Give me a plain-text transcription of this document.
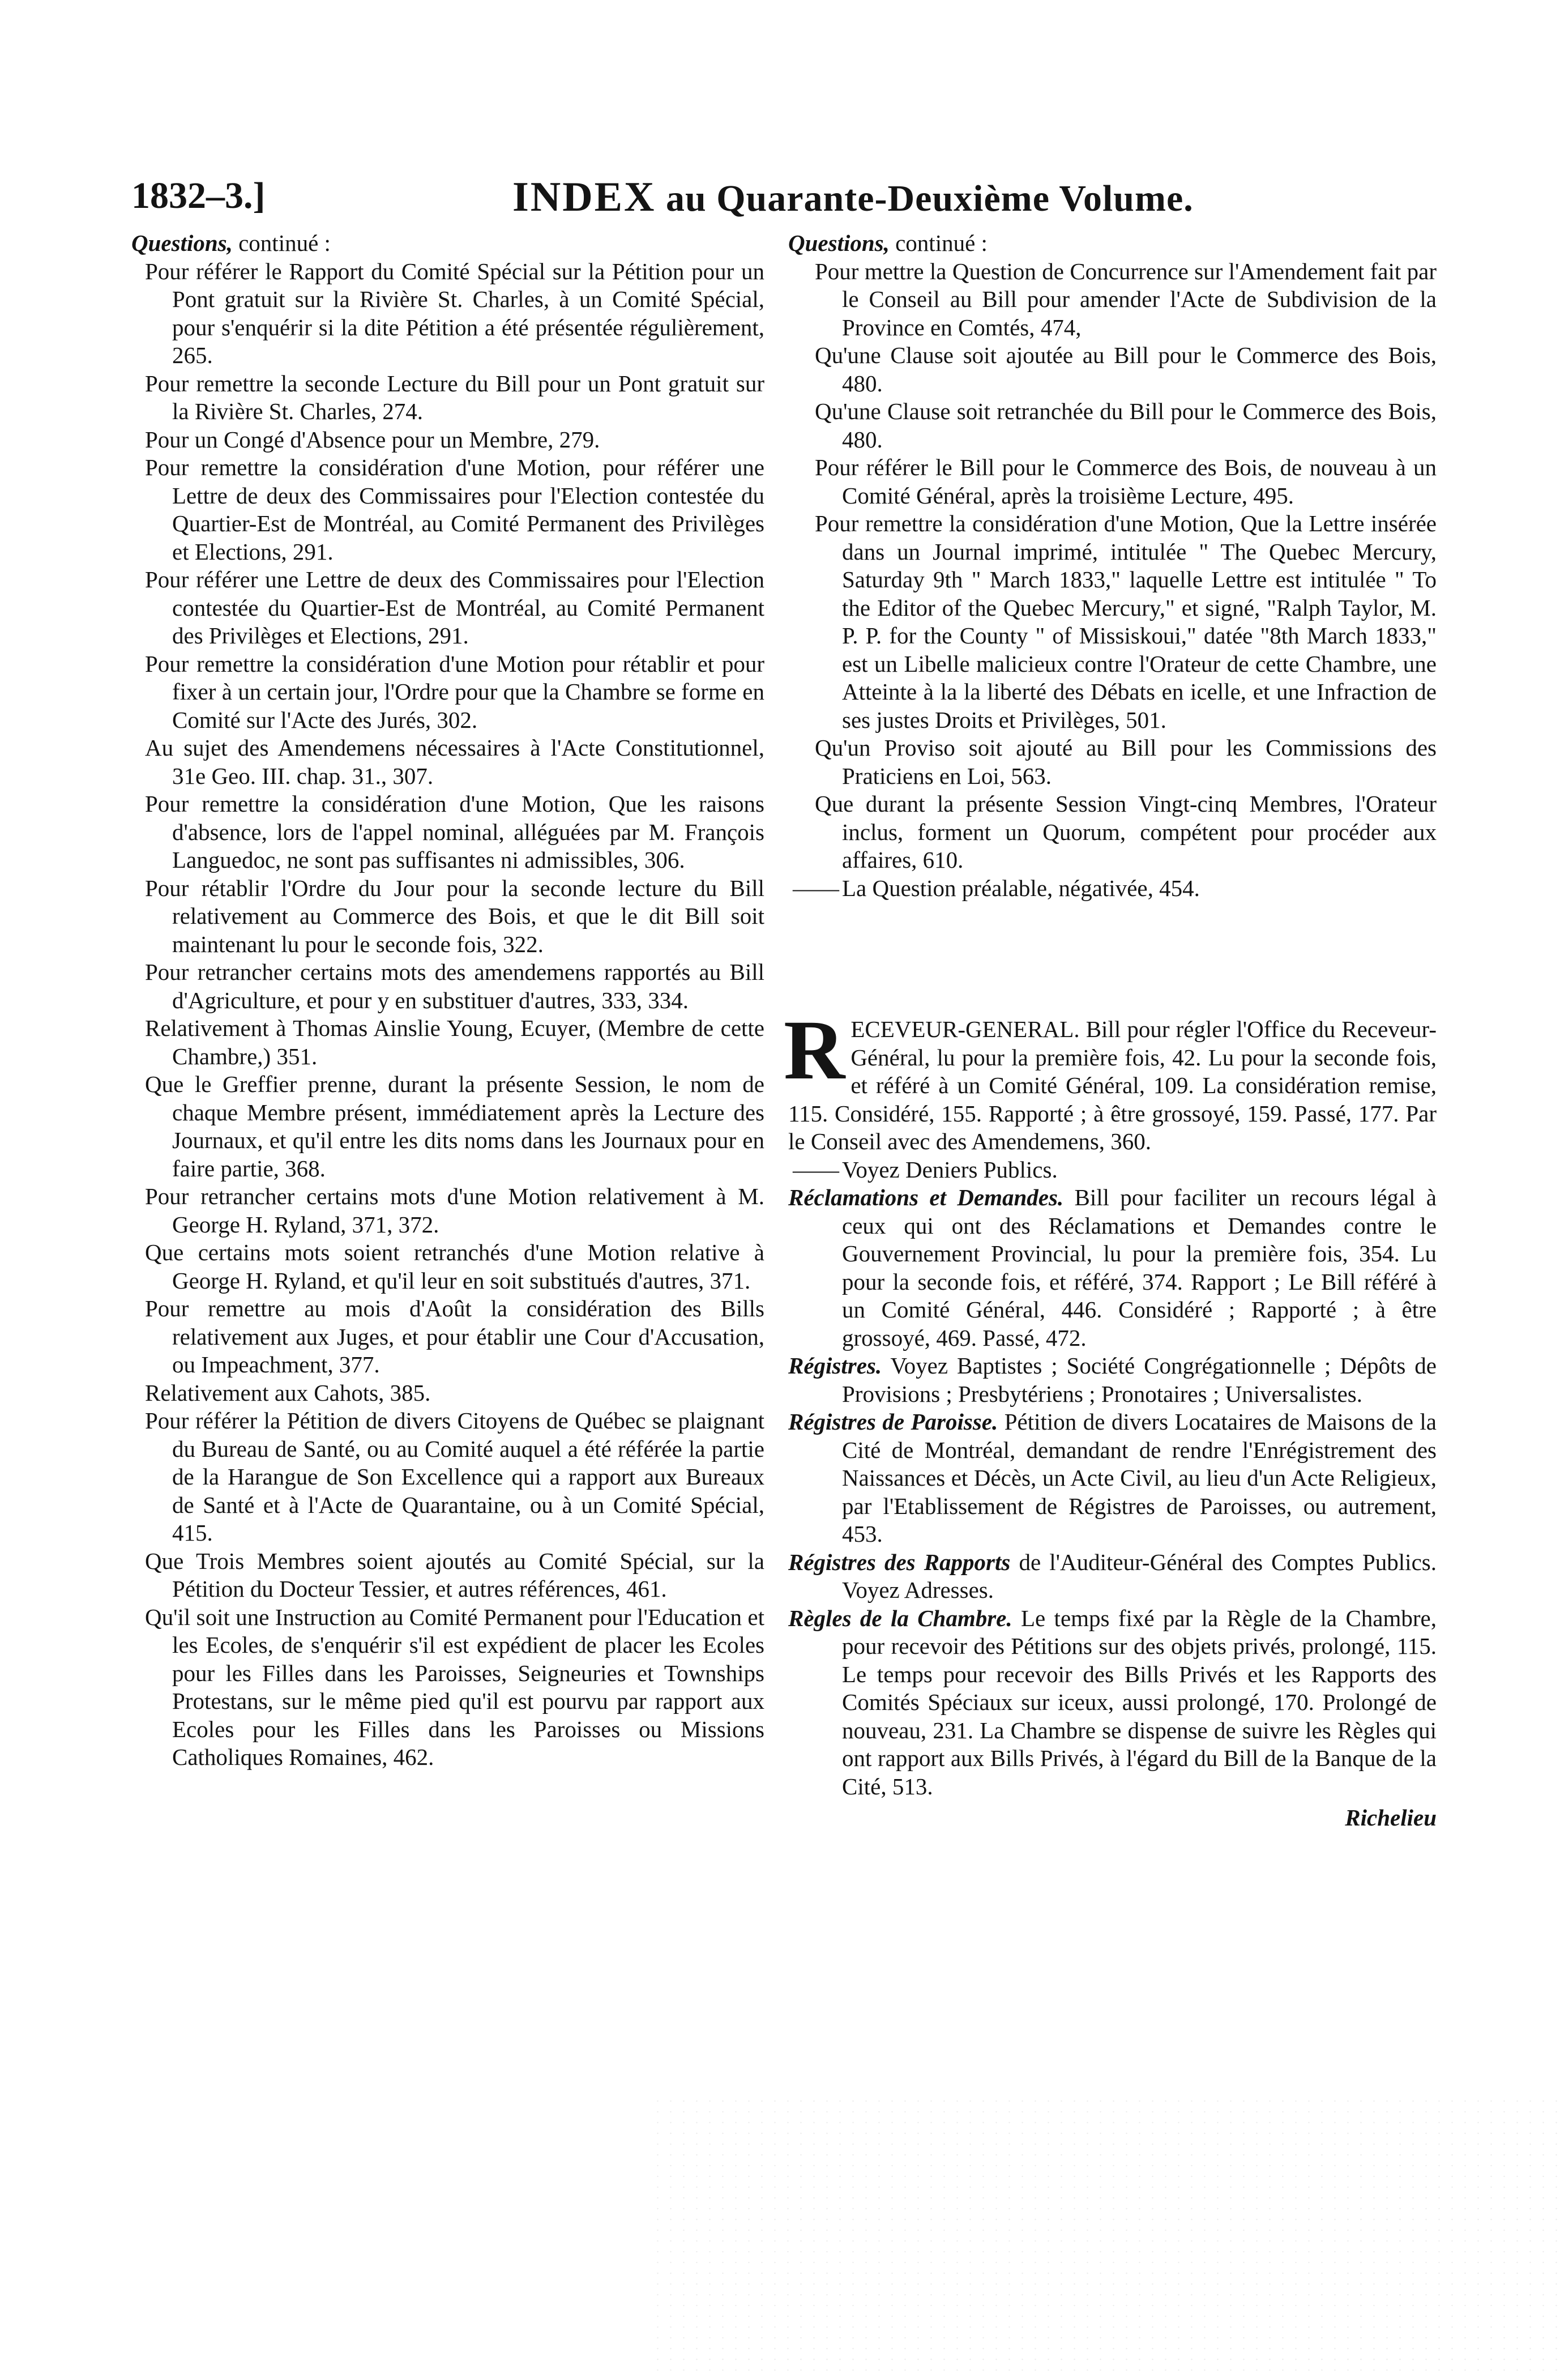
1832–3.]	INDEX au Quarante-Deuxième Volume.
Questions, continué :

Pour référer le Rapport du Comité Spécial sur la Pétition pour un Pont gratuit sur la Rivière St. Charles, à un Comité Spécial, pour s'enquérir si la dite Pétition a été présentée régulièrement, 265.

Pour remettre la seconde Lecture du Bill pour un Pont gratuit sur la Rivière St. Charles, 274.

Pour un Congé d'Absence pour un Membre, 279.

Pour remettre la considération d'une Motion, pour référer une Lettre de deux des Commissaires pour l'Election contestée du Quartier-Est de Montréal, au Comité Permanent des Privilèges et Elections, 291.

Pour référer une Lettre de deux des Commissaires pour l'Election contestée du Quartier-Est de Montréal, au Comité Permanent des Privilèges et Elections, 291.

Pour remettre la considération d'une Motion pour rétablir et pour fixer à un certain jour, l'Ordre pour que la Chambre se forme en Comité sur l'Acte des Jurés, 302.

Au sujet des Amendemens nécessaires à l'Acte Constitutionnel, 31e Geo. III. chap. 31., 307.

Pour remettre la considération d'une Motion, Que les raisons d'absence, lors de l'appel nominal, alléguées par M. François Languedoc, ne sont pas suffisantes ni admissibles, 306.

Pour rétablir l'Ordre du Jour pour la seconde lecture du Bill relativement au Commerce des Bois, et que le dit Bill soit maintenant lu pour le seconde fois, 322.

Pour retrancher certains mots des amendemens rapportés au Bill d'Agriculture, et pour y en substituer d'autres, 333, 334.

Relativement à Thomas Ainslie Young, Ecuyer, (Membre de cette Chambre,) 351.

Que le Greffier prenne, durant la présente Session, le nom de chaque Membre présent, immédiatement après la Lecture des Journaux, et qu'il entre les dits noms dans les Journaux pour en faire partie, 368.

Pour retrancher certains mots d'une Motion relativement à M. George H. Ryland, 371, 372.

Que certains mots soient retranchés d'une Motion relative à George H. Ryland, et qu'il leur en soit substitués d'autres, 371.

Pour remettre au mois d'Août la considération des Bills relativement aux Juges, et pour établir une Cour d'Accusation, ou Impeachment, 377.

Relativement aux Cahots, 385.

Pour référer la Pétition de divers Citoyens de Québec se plaignant du Bureau de Santé, ou au Comité auquel a été référée la partie de la Harangue de Son Excellence qui a rapport aux Bureaux de Santé et à l'Acte de Quarantaine, ou à un Comité Spécial, 415.

Que Trois Membres soient ajoutés au Comité Spécial, sur la Pétition du Docteur Tessier, et autres références, 461.

Qu'il soit une Instruction au Comité Permanent pour l'Education et les Ecoles, de s'enquérir s'il est expédient de placer les Ecoles pour les Filles dans les Paroisses, Seigneuries et Townships Protestans, sur le même pied qu'il est pourvu par rapport aux Ecoles pour les Filles dans les Paroisses ou Missions Catholiques Romaines, 462.

Questions, continué :

Pour mettre la Question de Concurrence sur l'Amendement fait par le Conseil au Bill pour amender l'Acte de Subdivision de la Province en Comtés, 474,

Qu'une Clause soit ajoutée au Bill pour le Commerce des Bois, 480.

Qu'une Clause soit retranchée du Bill pour le Commerce des Bois, 480.

Pour référer le Bill pour le Commerce des Bois, de nouveau à un Comité Général, après la troisième Lecture, 495.

Pour remettre la considération d'une Motion, Que la Lettre insérée dans un Journal imprimé, intitulée " The Quebec Mercury, Saturday 9th " March 1833," laquelle Lettre est intitulée " To the Editor of the Quebec Mercury," et signé, "Ralph Taylor, M. P. P. for the County " of Missiskoui," datée "8th March 1833," est un Libelle malicieux contre l'Orateur de cette Chambre, une Atteinte à la la liberté des Débats en icelle, et une Infraction de ses justes Droits et Privilèges, 501.

Qu'un Proviso soit ajouté au Bill pour les Commissions des Praticiens en Loi, 563.

Que durant la présente Session Vingt-cinq Membres, l'Orateur inclus, forment un Quorum, compétent pour procéder aux affaires, 610.

—— La Question préalable, négativée, 454.

R ECEVEUR-GENERAL. Bill pour régler l'Office du Receveur-Général, lu pour la première fois, 42. Lu pour la seconde fois, et référé à un Comité Général, 109. La considération remise, 115. Considéré, 155. Rapporté ; à être grossoyé, 159. Passé, 177. Par le Conseil avec des Amendemens, 360.

—— Voyez Deniers Publics.

Réclamations et Demandes. Bill pour faciliter un recours légal à ceux qui ont des Réclamations et Demandes contre le Gouvernement Provincial, lu pour la première fois, 354. Lu pour la seconde fois, et référé, 374. Rapport ; Le Bill référé à un Comité Général, 446. Considéré ; Rapporté ; à être grossoyé, 469. Passé, 472.

Régistres. Voyez Baptistes ; Société Congrégationnelle ; Dépôts de Provisions ; Presbytériens ; Pronotaires ; Universalistes.

Régistres de Paroisse. Pétition de divers Locataires de Maisons de la Cité de Montréal, demandant de rendre l'Enrégistrement des Naissances et Décès, un Acte Civil, au lieu d'un Acte Religieux, par l'Etablissement de Régistres de Paroisses, ou autrement, 453.

Régistres des Rapports de l'Auditeur-Général des Comptes Publics. Voyez Adresses.

Règles de la Chambre. Le temps fixé par la Règle de la Chambre, pour recevoir des Pétitions sur des objets privés, prolongé, 115. Le temps pour recevoir des Bills Privés et les Rapports des Comités Spéciaux sur iceux, aussi prolongé, 170. Prolongé de nouveau, 231. La Chambre se dispense de suivre les Règles qui ont rapport aux Bills Privés, à l'égard du Bill de la Banque de la Cité, 513.

Richelieu
